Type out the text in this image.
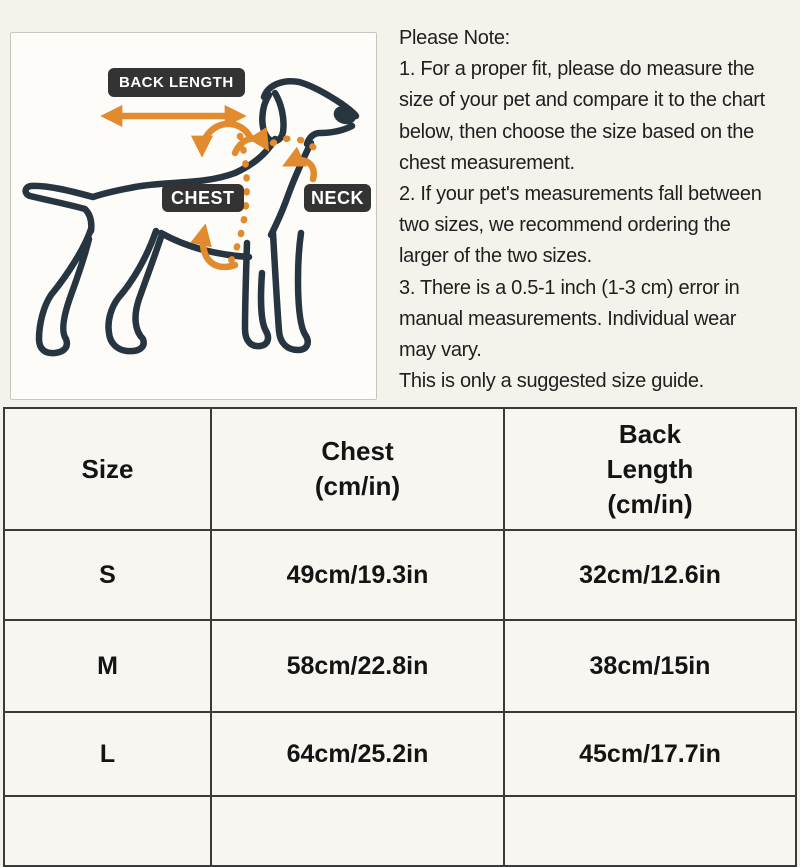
BACK LENGTH
CHEST	NECK
Please Note:
1. For a proper fit, please do measure the
size of your pet and compare it to the chart
below, then choose the size based on the
chest measurement.
2. If your pet's measurements fall between
two sizes, we recommend ordering the
larger of the two sizes.
3. There is a 0.5-1 inch (1-3 cm) error in
manual measurements. Individual wear
may vary.
This is only a suggested size guide.
Size

Chest
(cm/in)

Back
Length
(cm/in)

S	49cm/19.3in	32cm/12.6in
M	58cm/22.8in	38cm/15in
L	64cm/25.2in	45cm/17.7in
